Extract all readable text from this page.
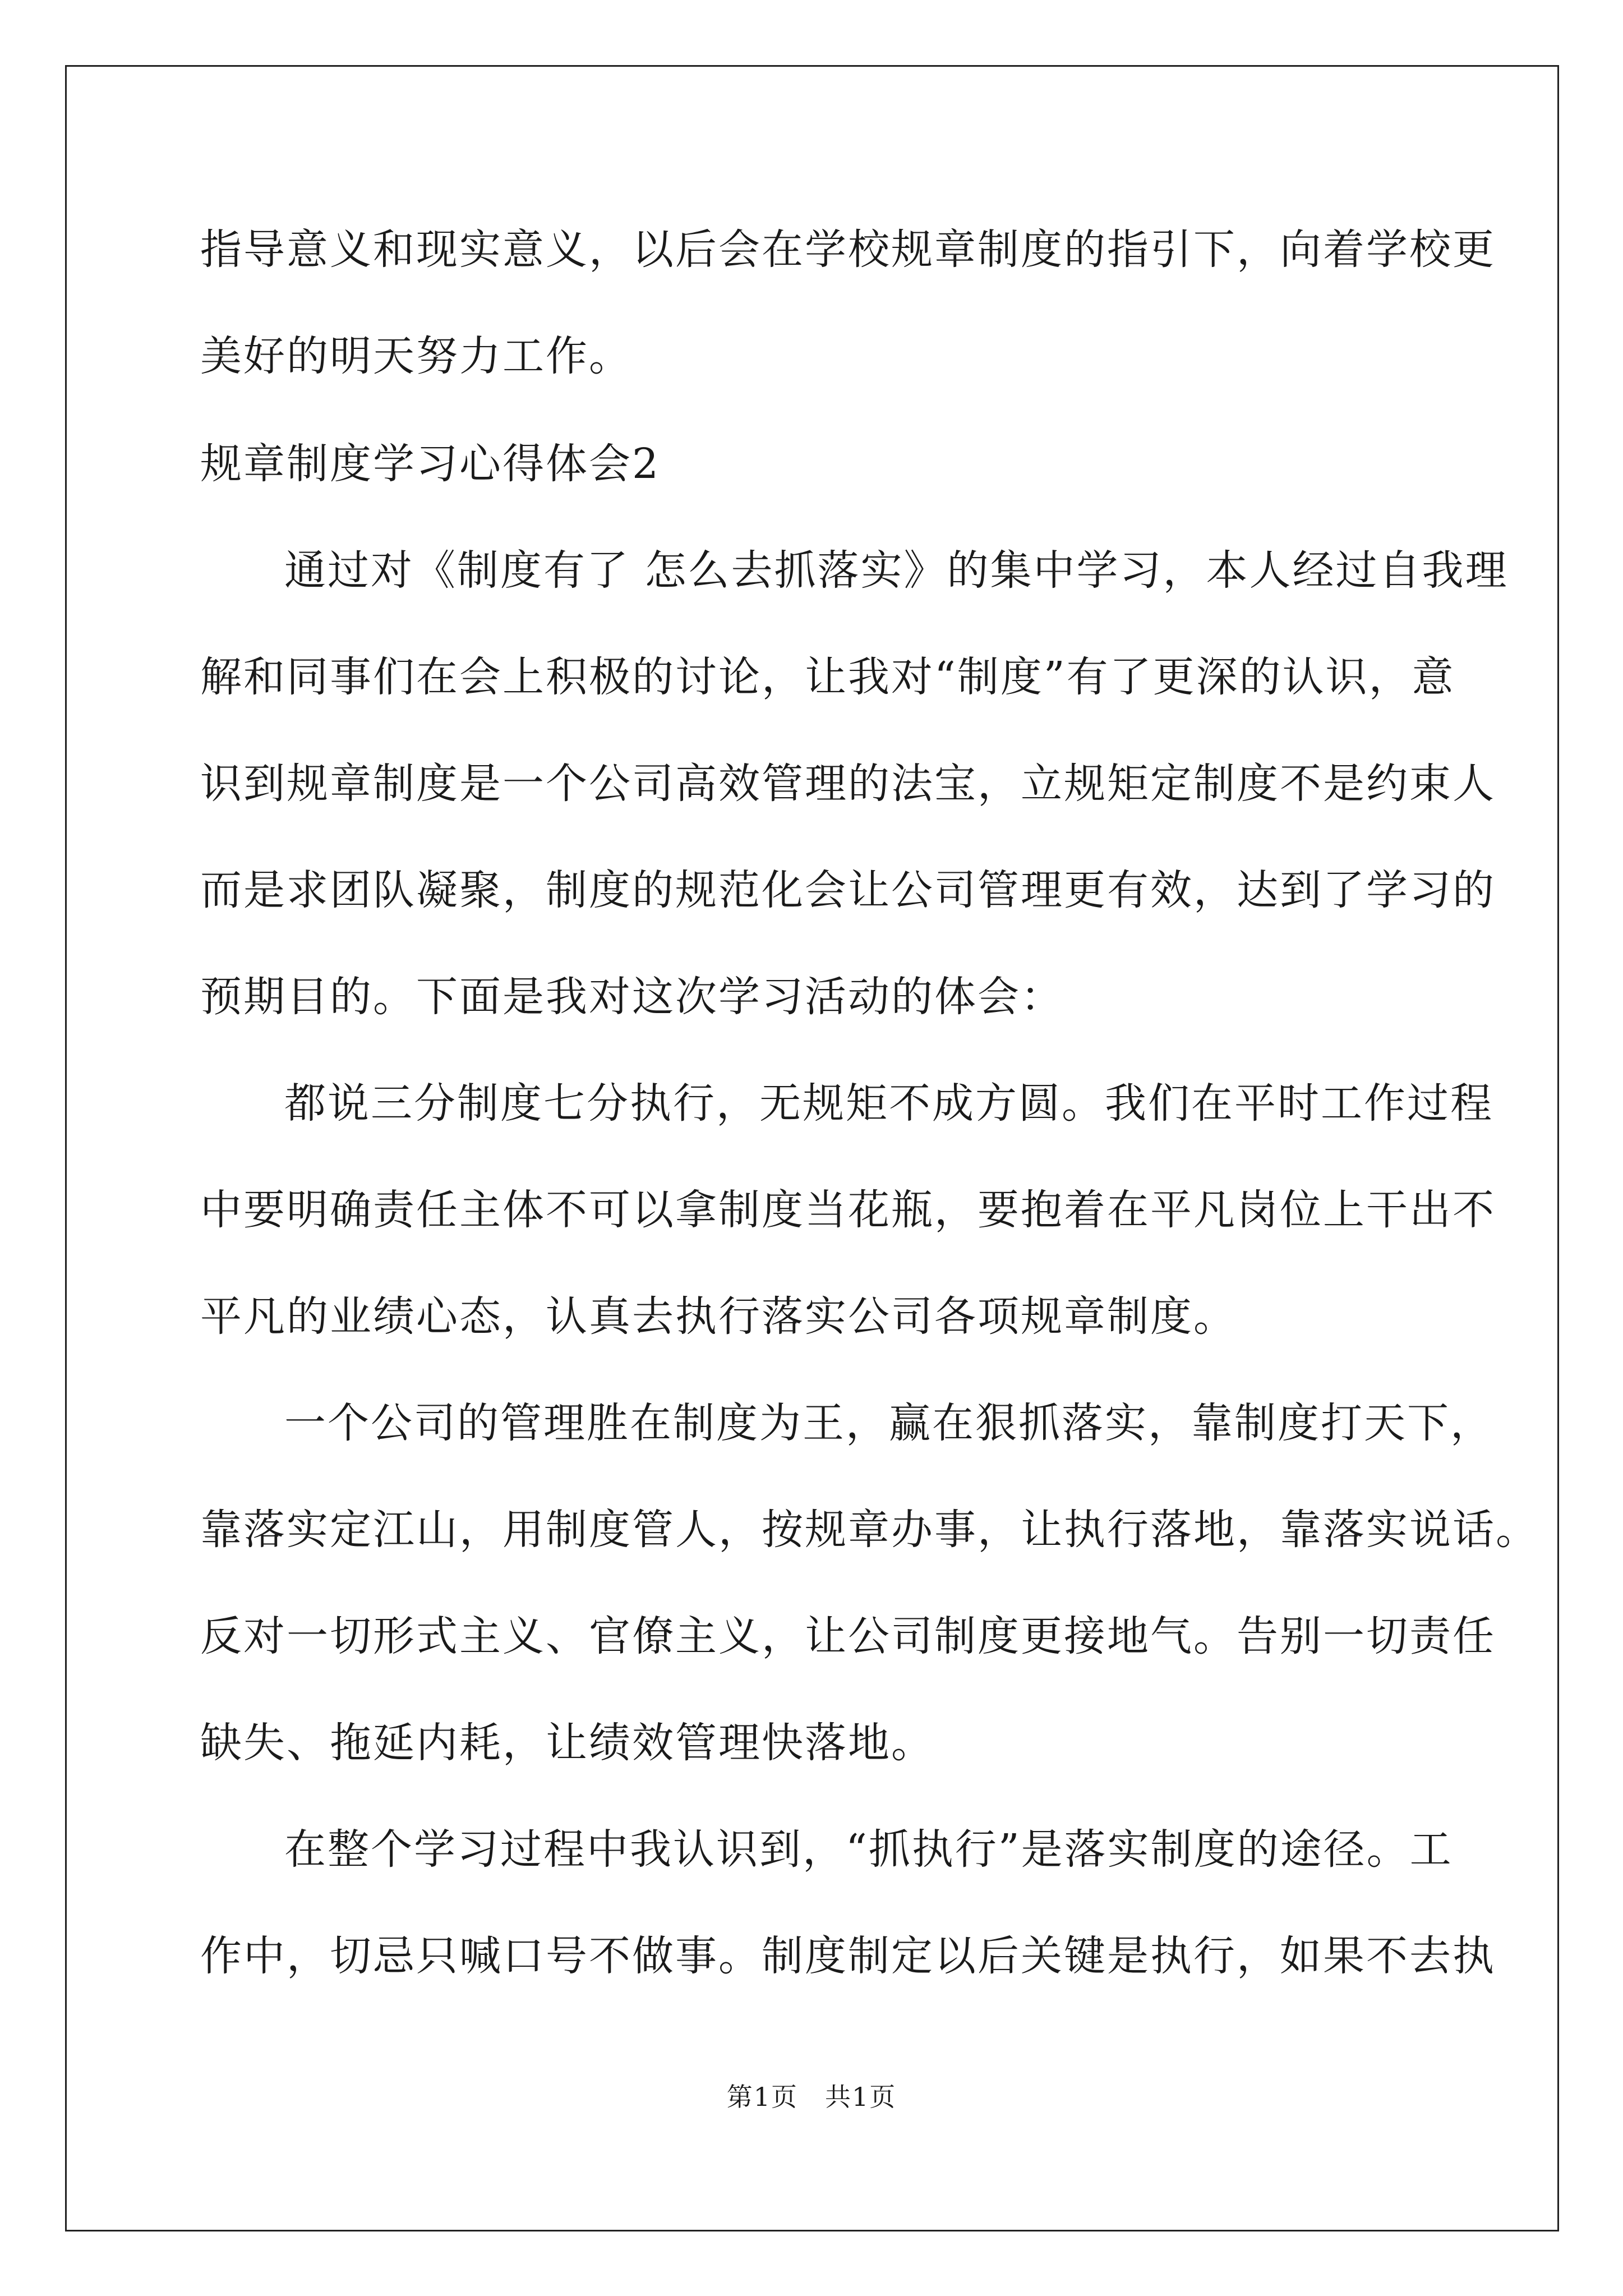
指导意义和现实意义，以后会在学校规章制度的指引下，向着学校更
美好的明天努力工作。
规章制度学习心得体会2
通过对《制度有了 怎么去抓落实》的集中学习，本人经过自我理
解和同事们在会上积极的讨论，让我对“制度”有了更深的认识，意
识到规章制度是一个公司高效管理的法宝，立规矩定制度不是约束人
而是求团队凝聚，制度的规范化会让公司管理更有效，达到了学习的
预期目的。下面是我对这次学习活动的体会：
都说三分制度七分执行，无规矩不成方圆。我们在平时工作过程
中要明确责任主体不可以拿制度当花瓶，要抱着在平凡岗位上干出不
平凡的业绩心态，认真去执行落实公司各项规章制度。
一个公司的管理胜在制度为王，赢在狠抓落实，靠制度打天下，
靠落实定江山，用制度管人，按规章办事，让执行落地，靠落实说话。
反对一切形式主义、官僚主义，让公司制度更接地气。告别一切责任
缺失、拖延内耗，让绩效管理快落地。
在整个学习过程中我认识到，“抓执行”是落实制度的途径。工
作中，切忌只喊口号不做事。制度制定以后关键是执行，如果不去执
第1页　共1页
